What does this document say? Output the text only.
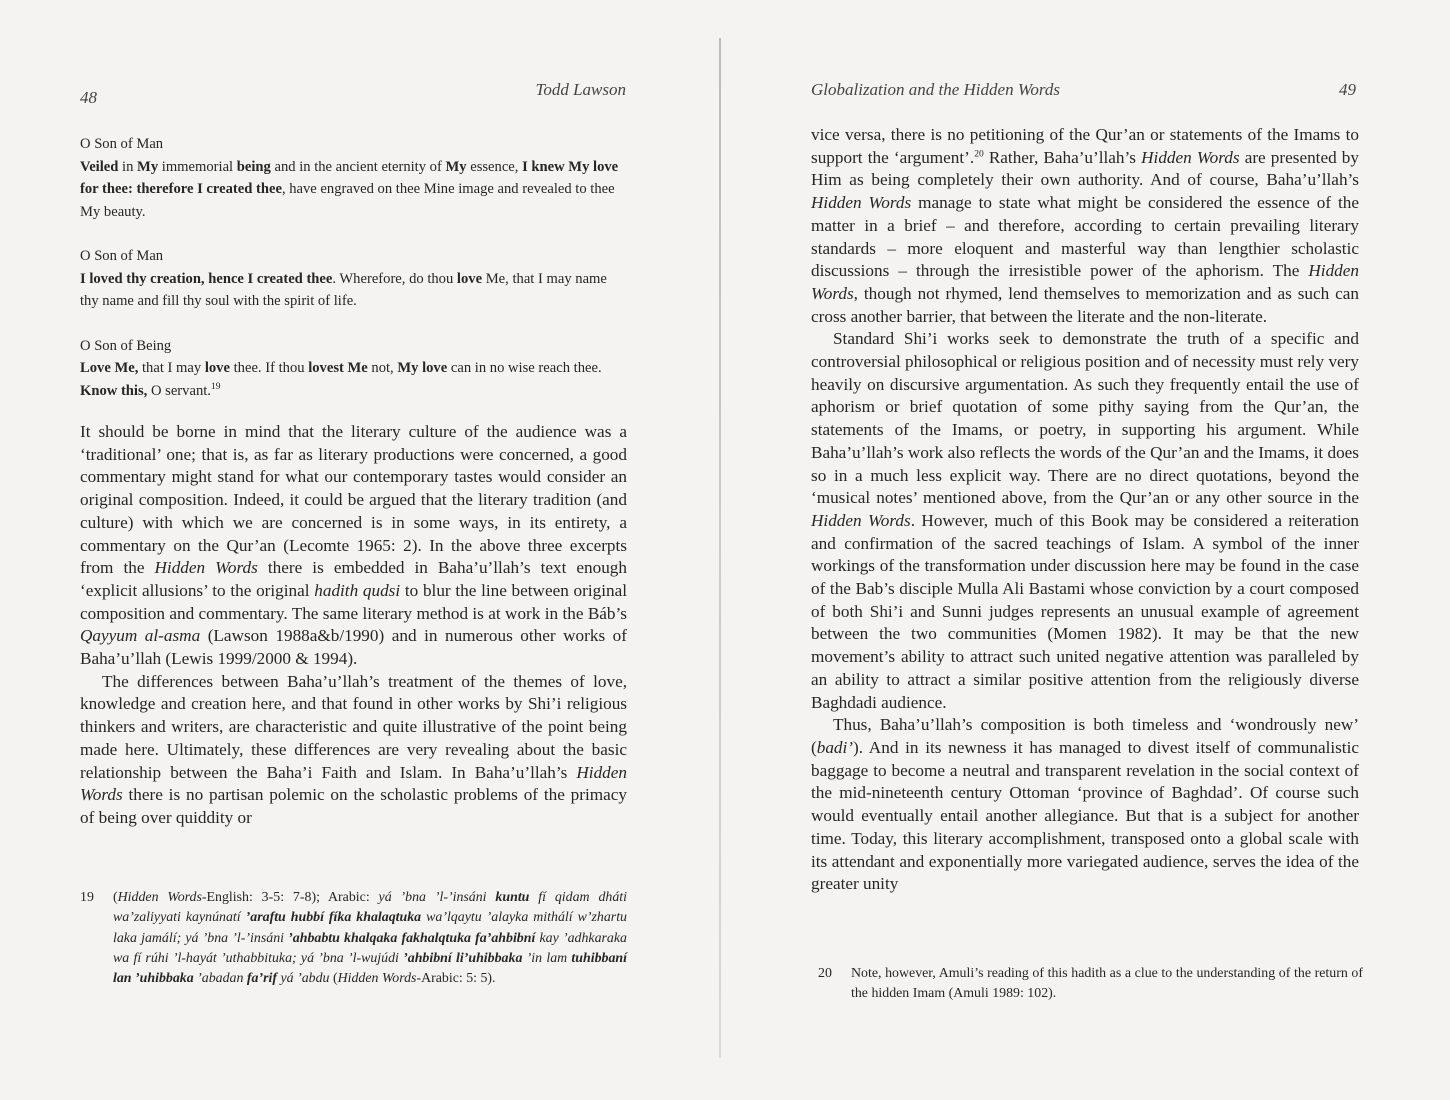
48	Todd Lawson
O Son of Man
Veiled in My immemorial being and in the ancient eternity of My essence, I knew My love for thee: therefore I created thee, have engraved on thee Mine image and revealed to thee My beauty.
O Son of Man
I loved thy creation, hence I created thee. Wherefore, do thou love Me, that I may name thy name and fill thy soul with the spirit of life.
O Son of Being
Love Me, that I may love thee. If thou lovest Me not, My love can in no wise reach thee. Know this, O servant.$^{19}$

It should be borne in mind that the literary culture of the audience was a ‘traditional’ one; that is, as far as literary productions were concerned, a good commentary might stand for what our contemporary tastes would consider an original composition. Indeed, it could be argued that the literary tradition (and culture) with which we are concerned is in some ways, in its entirety, a commentary on the Qur’an (Lecomte 1965: 2). In the above three excerpts from the Hidden Words there is embedded in Baha’u’llah’s text enough ‘explicit allusions’ to the original hadith qudsi to blur the line between original composition and commentary. The same literary method is at work in the Báb’s Qayyum al-asma (Lawson 1988a&b/1990) and in numerous other works of Baha’u’llah (Lewis 1999/2000 & 1994).

The differences between Baha’u’llah’s treatment of the themes of love, knowledge and creation here, and that found in other works by Shi’i religious thinkers and writers, are characteristic and quite illustrative of the point being made here. Ultimately, these differences are very revealing about the basic relationship between the Baha’i Faith and Islam. In Baha’u’llah’s Hidden Words there is no partisan polemic on the scholastic problems of the primacy of being over quiddity or

19 (Hidden Words-English: 3-5: 7-8); Arabic: yá ’bna ’l-’insáni kuntu fí qidam dháti wa’zaliyyati kaynúnatí ’araftu hubbí fíka khalaqtuka wa’lqaytu ’alayka mithálí w’zhartu laka jamálí; yá ’bna ’l-’insáni ’ahbabtu khalqaka fakhalqtuka fa’ahbibní kay ’adhkaraka wa fí rúhi ’l-hayát ’uthabbituka; yá ’bna ’l-wujúdi ’ahbibní li’uhibbaka ’in lam tuhibbaní lan ’uhibbaka ’abadan fa’rif yá ’abdu (Hidden Words-Arabic: 5: 5).

Globalization and the Hidden Words	49

vice versa, there is no petitioning of the Qur’an or statements of the Imams to support the ‘argument’.$^{20}$ Rather, Baha’u’llah’s Hidden Words are presented by Him as being completely their own authority. And of course, Baha’u’llah’s Hidden Words manage to state what might be considered the essence of the matter in a brief – and therefore, according to certain prevailing literary standards – more eloquent and masterful way than lengthier scholastic discussions – through the irresistible power of the aphorism. The Hidden Words, though not rhymed, lend themselves to memorization and as such can cross another barrier, that between the literate and the non-literate.

Standard Shi’i works seek to demonstrate the truth of a specific and controversial philosophical or religious position and of necessity must rely very heavily on discursive argumentation. As such they frequently entail the use of aphorism or brief quotation of some pithy saying from the Qur’an, the statements of the Imams, or poetry, in supporting his argument. While Baha’u’llah’s work also reflects the words of the Qur’an and the Imams, it does so in a much less explicit way. There are no direct quotations, beyond the ‘musical notes’ mentioned above, from the Qur’an or any other source in the Hidden Words. However, much of this Book may be considered a reiteration and confirmation of the sacred teachings of Islam. A symbol of the inner workings of the transformation under discussion here may be found in the case of the Bab’s disciple Mulla Ali Bastami whose conviction by a court composed of both Shi’i and Sunni judges represents an unusual example of agreement between the two communities (Momen 1982). It may be that the new movement’s ability to attract such united negative attention was paralleled by an ability to attract a similar positive attention from the religiously diverse Baghdadi audience.

Thus, Baha’u’llah’s composition is both timeless and ‘wondrously new’ (badi’). And in its newness it has managed to divest itself of communalistic baggage to become a neutral and transparent revelation in the social context of the mid-nineteenth century Ottoman ‘province of Baghdad’. Of course such would eventually entail another allegiance. But that is a subject for another time. Today, this literary accomplishment, transposed onto a global scale with its attendant and exponentially more variegated audience, serves the idea of the greater unity

20 Note, however, Amuli’s reading of this hadith as a clue to the understanding of the return of the hidden Imam (Amuli 1989: 102).
